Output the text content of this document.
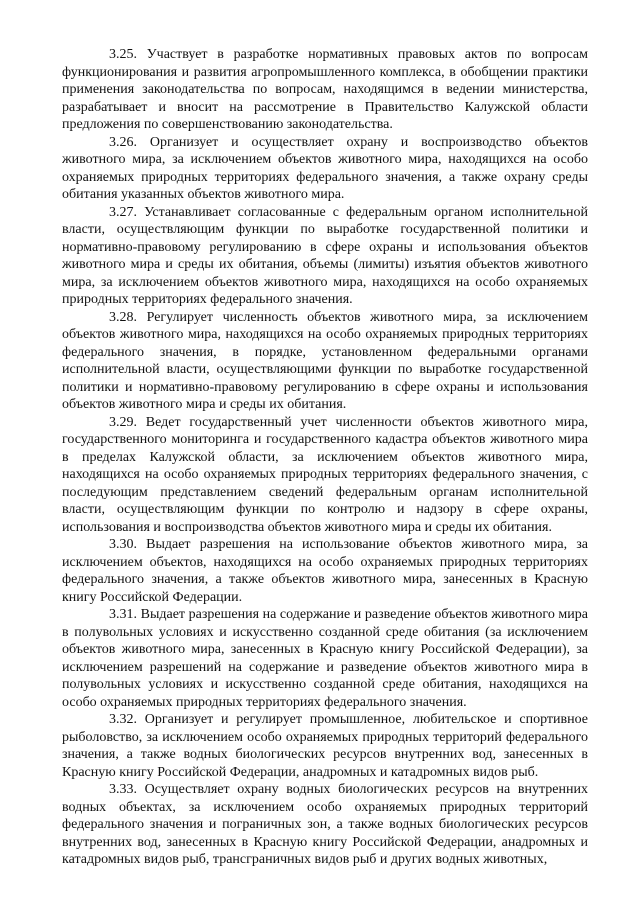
3.25. Участвует в разработке нормативных правовых актов по вопросам функционирования и развития агропромышленного комплекса, в обобщении практики применения законодательства по вопросам, находящимся в ведении министерства, разрабатывает и вносит на рассмотрение в Правительство Калужской области предложения по совершенствованию законодательства.

3.26. Организует и осуществляет охрану и воспроизводство объектов животного мира, за исключением объектов животного мира, находящихся на особо охраняемых природных территориях федерального значения, а также охрану среды обитания указанных объектов животного мира.

3.27. Устанавливает согласованные с федеральным органом исполнительной власти, осуществляющим функции по выработке государственной политики и нормативно-правовому регулированию в сфере охраны и использования объектов животного мира и среды их обитания, объемы (лимиты) изъятия объектов животного мира, за исключением объектов животного мира, находящихся на особо охраняемых природных территориях федерального значения.

3.28. Регулирует численность объектов животного мира, за исключением объектов животного мира, находящихся на особо охраняемых природных территориях федерального значения, в порядке, установленном федеральными органами исполнительной власти, осуществляющими функции по выработке государственной политики и нормативно-правовому регулированию в сфере охраны и использования объектов животного мира и среды их обитания.

3.29. Ведет государственный учет численности объектов животного мира, государственного мониторинга и государственного кадастра объектов животного мира в пределах Калужской области, за исключением объектов животного мира, находящихся на особо охраняемых природных территориях федерального значения, с последующим представлением сведений федеральным органам исполнительной власти, осуществляющим функции по контролю и надзору в сфере охраны, использования и воспроизводства объектов животного мира и среды их обитания.

3.30. Выдает разрешения на использование объектов животного мира, за исключением объектов, находящихся на особо охраняемых природных территориях федерального значения, а также объектов животного мира, занесенных в Красную книгу Российской Федерации.

3.31. Выдает разрешения на содержание и разведение объектов животного мира в полувольных условиях и искусственно созданной среде обитания (за исключением объектов животного мира, занесенных в Красную книгу Российской Федерации), за исключением разрешений на содержание и разведение объектов животного мира в полувольных условиях и искусственно созданной среде обитания, находящихся на особо охраняемых природных территориях федерального значения.

3.32. Организует и регулирует промышленное, любительское и спортивное рыболовство, за исключением особо охраняемых природных территорий федерального значения, а также водных биологических ресурсов внутренних вод, занесенных в Красную книгу Российской Федерации, анадромных и катадромных видов рыб.

3.33. Осуществляет охрану водных биологических ресурсов на внутренних водных объектах, за исключением особо охраняемых природных территорий федерального значения и пограничных зон, а также водных биологических ресурсов внутренних вод, занесенных в Красную книгу Российской Федерации, анадромных и катадромных видов рыб, трансграничных видов рыб и других водных животных,
